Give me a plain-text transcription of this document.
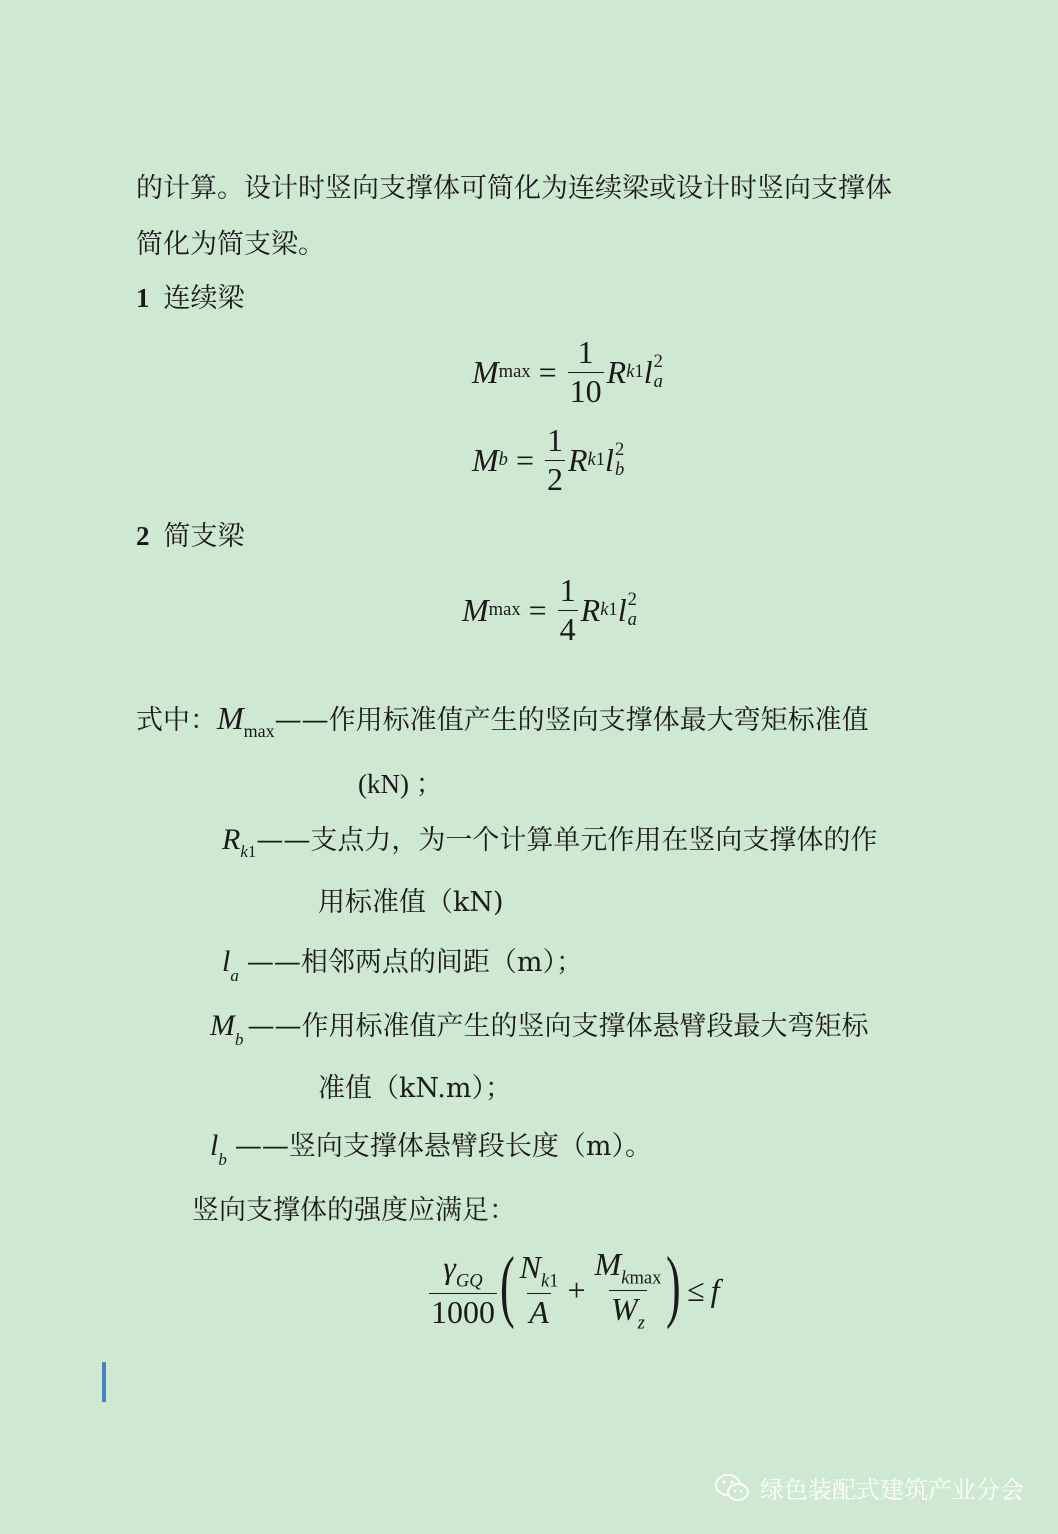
的计算。设计时竖向支撑体可简化为连续梁或设计时竖向支撑体
简化为简支梁。
1 连续梁
M $\max = \frac{1}{10}$ R k 1 l 2
a
M $b = \frac{1}{2}$ R k 1 l 2
b
2 简支梁
M $\max = \frac{1}{4}$ R k 1 l 2
a
式中：$M_{max}——$作用标准值产生的竖向支撑体最大弯矩标准值
(kN) ；
$R_{k1}——$支点力，为一个计算单元作用在竖向支撑体的作
用标准值（kN)
$l_a$ ——相邻两点的间距（m）；
$M_b$ ——作用标准值产生的竖向支撑体悬臂段最大弯矩标
准值（kN.m）；
$l_b$ ——竖向支撑体悬臂段长度（m）。
竖向支撑体的强度应满足：
$\frac{\gamma_{GQ}}{1000}$ ( $\frac{N_{k1}}{A} + \frac{M_{kmax}}{W_z}$ ) ≤ f
绿色装配式建筑产业分会
